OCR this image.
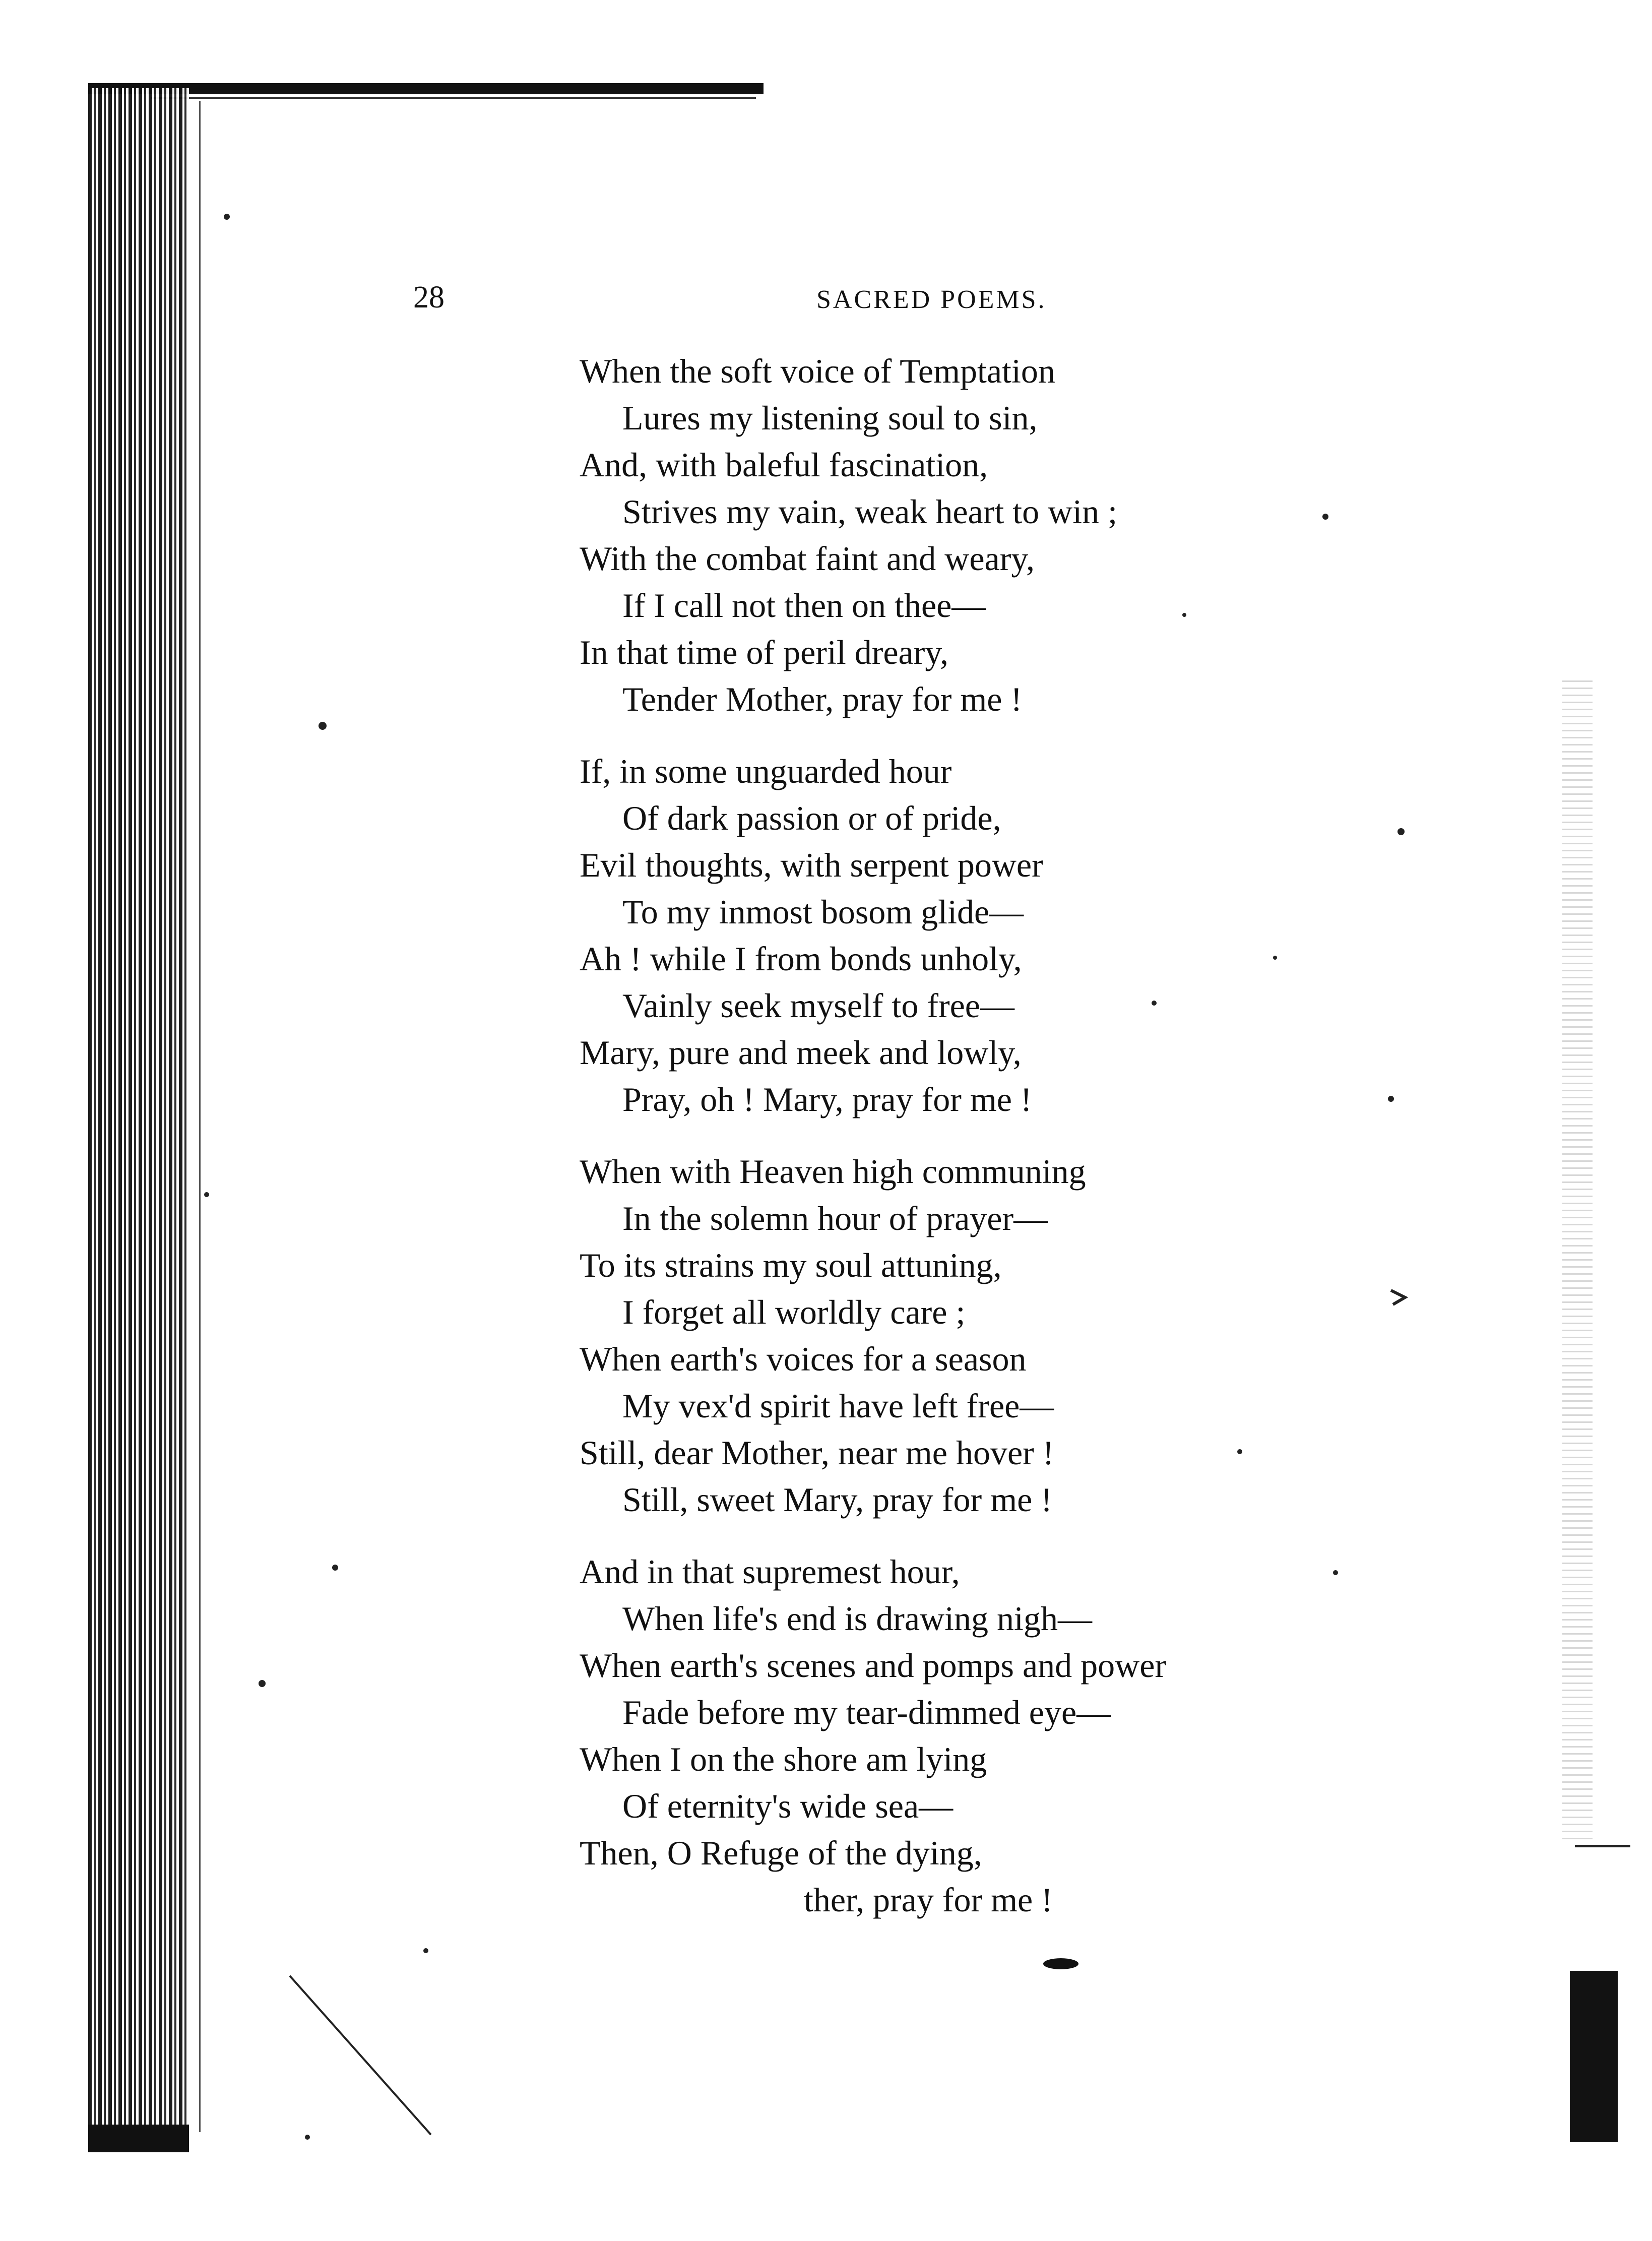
28	SACRED POEMS.
When the soft voice of Temptation
Lures my listening soul to sin,
And, with baleful fascination,
Strives my vain, weak heart to win ;
With the combat faint and weary,
If I call not then on thee—
In that time of peril dreary,
Tender Mother, pray for me !
If, in some unguarded hour
Of dark passion or of pride,
Evil thoughts, with serpent power
To my inmost bosom glide—
Ah ! while I from bonds unholy,
Vainly seek myself to free—
Mary, pure and meek and lowly,
Pray, oh ! Mary, pray for me !
When with Heaven high communing
In the solemn hour of prayer—
To its strains my soul attuning,
I forget all worldly care ;
When earth's voices for a season
My vex'd spirit have left free—
Still, dear Mother, near me hover !
Still, sweet Mary, pray for me !
And in that supremest hour,
When life's end is drawing nigh—
When earth's scenes and pomps and power
Fade before my tear-dimmed eye—
When I on the shore am lying
Of eternity's wide sea—
Then, O Refuge of the dying,
ther, pray for me !
